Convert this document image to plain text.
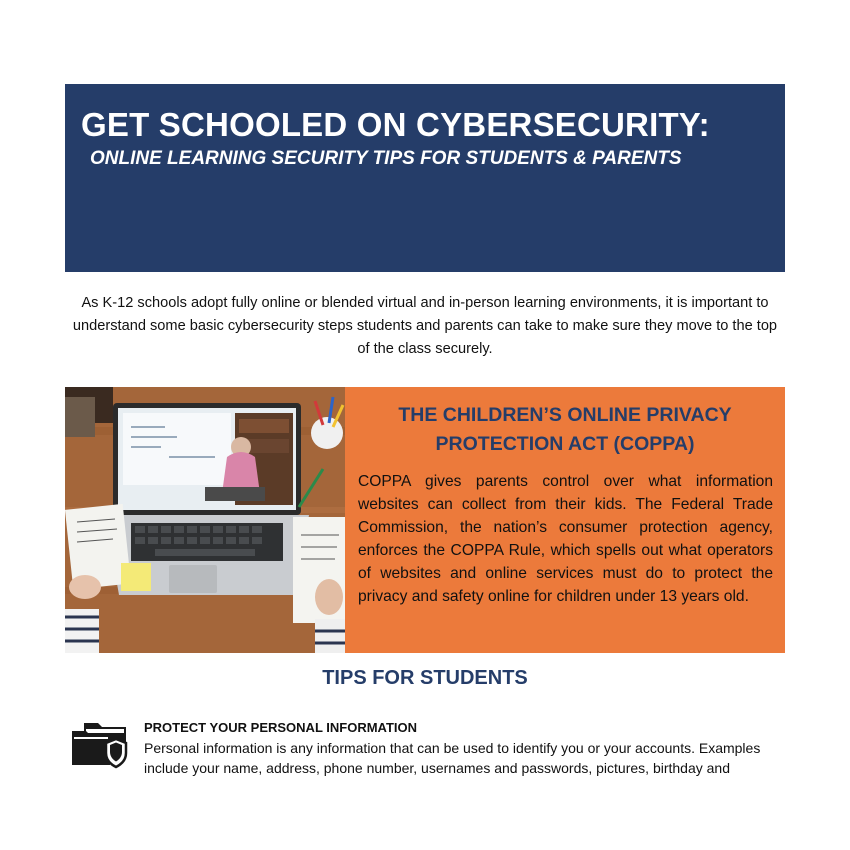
GET SCHOOLED ON CYBERSECURITY:
ONLINE LEARNING SECURITY TIPS FOR STUDENTS & PARENTS
As K-12 schools adopt fully online or blended virtual and in-person learning environments, it is important to understand some basic cybersecurity steps students and parents can take to make sure they move to the top of the class securely.
THE CHILDREN’S ONLINE PRIVACY PROTECTION ACT (COPPA)
COPPA gives parents control over what information websites can collect from their kids. The Federal Trade Commission, the nation’s consumer protection agency, enforces the COPPA Rule, which spells out what operators of websites and online services must do to protect the privacy and safety online for children under 13 years old.
TIPS FOR STUDENTS
PROTECT YOUR PERSONAL INFORMATION
Personal information is any information that can be used to identify you or your accounts. Examples include your name, address, phone number, usernames and passwords, pictures, birthday and
